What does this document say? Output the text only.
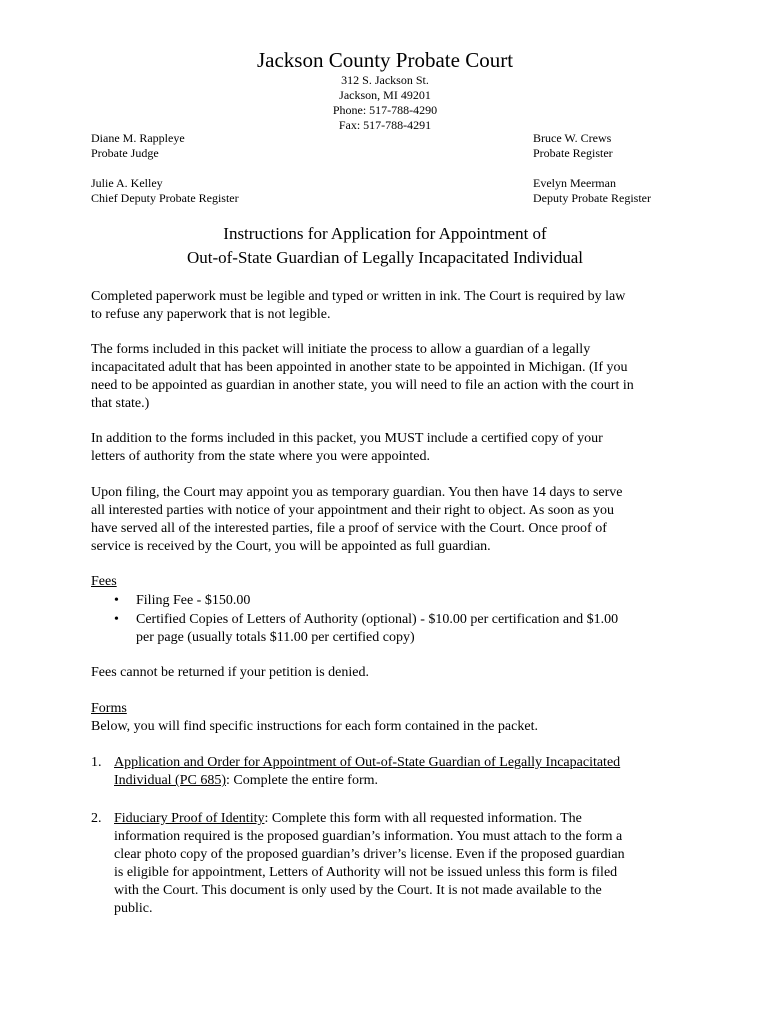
Jackson County Probate Court
312 S. Jackson St.
Jackson, MI 49201
Phone: 517-788-4290
Fax: 517-788-4291
Diane M. Rappleye
Probate Judge
Julie A. Kelley
Chief Deputy Probate Register
Bruce W. Crews
Probate Register
Evelyn Meerman
Deputy Probate Register
Instructions for Application for Appointment of
Out-of-State Guardian of Legally Incapacitated Individual
Completed paperwork must be legible and typed or written in ink. The Court is required by law
to refuse any paperwork that is not legible.
The forms included in this packet will initiate the process to allow a guardian of a legally
incapacitated adult that has been appointed in another state to be appointed in Michigan. (If you
need to be appointed as guardian in another state, you will need to file an action with the court in
that state.)
In addition to the forms included in this packet, you MUST include a certified copy of your
letters of authority from the state where you were appointed.
Upon filing, the Court may appoint you as temporary guardian. You then have 14 days to serve
all interested parties with notice of your appointment and their right to object. As soon as you
have served all of the interested parties, file a proof of service with the Court. Once proof of
service is received by the Court, you will be appointed as full guardian.
Fees
• Filing Fee - $150.00
• Certified Copies of Letters of Authority (optional) - $10.00 per certification and $1.00
per page (usually totals $11.00 per certified copy)
Fees cannot be returned if your petition is denied.
Forms
Below, you will find specific instructions for each form contained in the packet.
1. Application and Order for Appointment of Out-of-State Guardian of Legally Incapacitated
Individual (PC 685): Complete the entire form.
2. Fiduciary Proof of Identity: Complete this form with all requested information. The
information required is the proposed guardian’s information. You must attach to the form a
clear photo copy of the proposed guardian’s driver’s license. Even if the proposed guardian
is eligible for appointment, Letters of Authority will not be issued unless this form is filed
with the Court. This document is only used by the Court. It is not made available to the
public.
